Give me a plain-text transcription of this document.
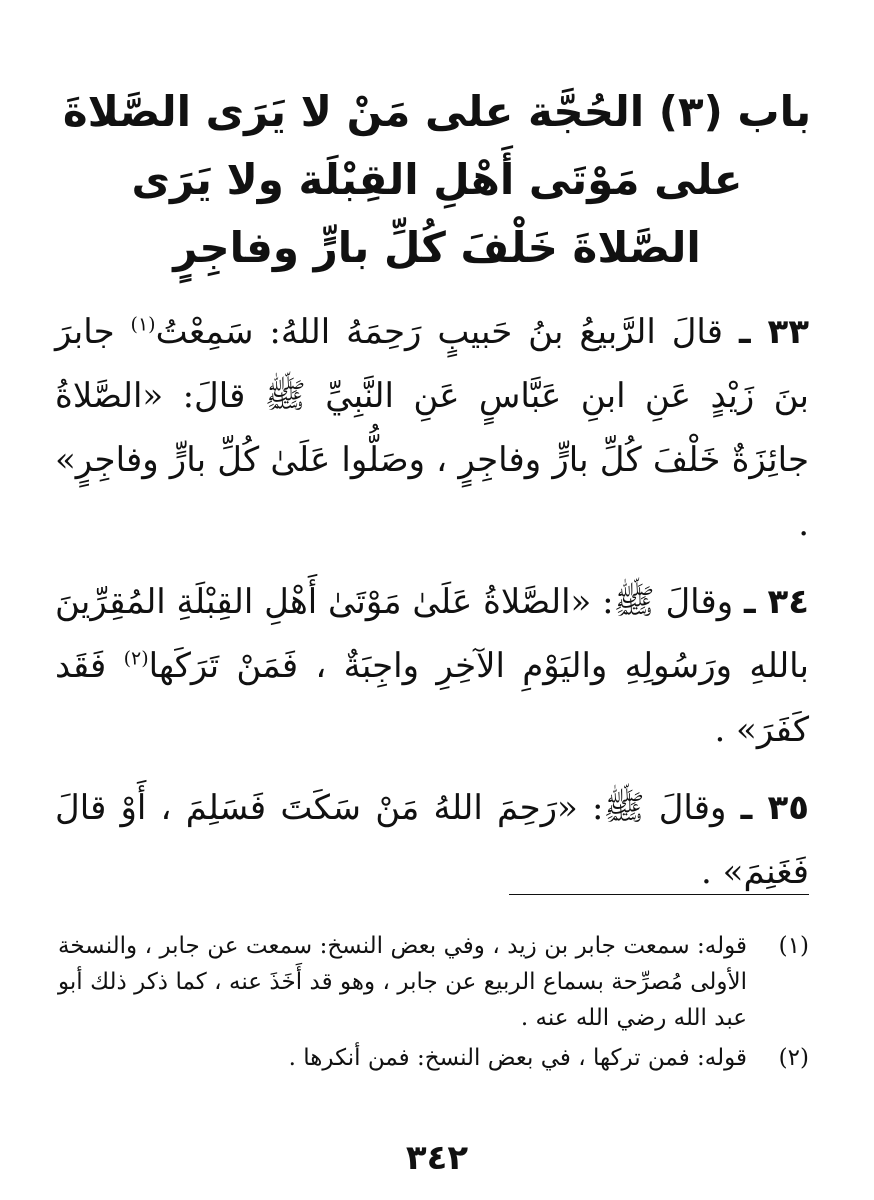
باب (٣) الحُجَّة على مَنْ لا يَرَى الصَّلاةَ
على مَوْتَى أَهْلِ القِبْلَة ولا يَرَى
الصَّلاةَ خَلْفَ كُلِّ بارٍّ وفاجِرٍ

٣٣ ـ قالَ الرَّبيعُ بنُ حَبيبٍ رَحِمَهُ اللهُ: سَمِعْتُ$^{(١)}$ جابرَ بنَ زَيْدٍ عَنِ ابنِ عَبَّاسٍ عَنِ النَّبِيِّ ﷺ قالَ: «الصَّلاةُ جائِزَةٌ خَلْفَ كُلِّ بارٍّ وفاجِرٍ ، وصَلُّوا عَلَىٰ كُلِّ بارٍّ وفاجِرٍ» .

٣٤ ـ وقالَ ﷺ: «الصَّلاةُ عَلَىٰ مَوْتَىٰ أَهْلِ القِبْلَةِ المُقِرِّينَ باللهِ ورَسُولِهِ واليَوْمِ الآخِرِ واجِبَةٌ ، فَمَنْ تَرَكَها$^{(٢)}$ فَقَد كَفَرَ» .

٣٥ ـ وقالَ ﷺ: «رَحِمَ اللهُ مَنْ سَكَتَ فَسَلِمَ ، أَوْ قالَ فَغَنِمَ» .

(١)
قوله: سمعت جابر بن زيد ، وفي بعض النسخ: سمعت عن جابر ، والنسخة الأولى مُصرِّحة بسماع الربيع عن جابر ، وهو قد أَخَذَ عنه ، كما ذكر ذلك أبو عبد الله رضي الله عنه .
(٢)
قوله: فمن تركها ، في بعض النسخ: فمن أنكرها .
٣٤٢
